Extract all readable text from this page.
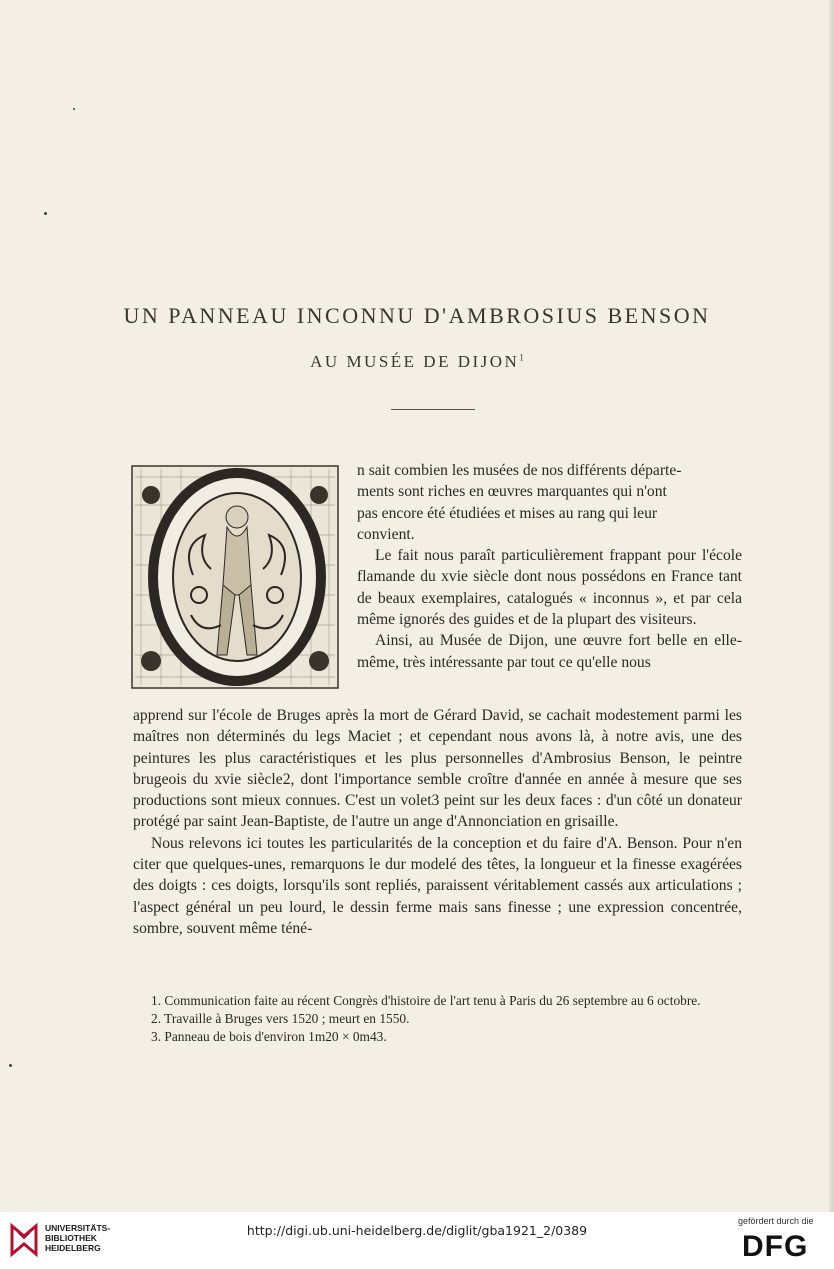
UN PANNEAU INCONNU D'AMBROSIUS BENSON
AU MUSÉE DE DIJON$^1$

n sait combien les musées de nos différents départe-
ments sont riches en œuvres marquantes qui n'ont
pas encore été étudiées et mises au rang qui leur
convient.

Le fait nous paraît particulièrement frappant pour l'école flamande du xvie siècle dont nous possédons en France tant de beaux exemplaires, catalogués « inconnus », et par cela même ignorés des guides et de la plupart des visiteurs.

Ainsi, au Musée de Dijon, une œuvre fort belle en elle-même, très intéressante par tout ce qu'elle nous

apprend sur l'école de Bruges après la mort de Gérard David, se cachait modestement parmi les maîtres non déterminés du legs Maciet ; et cependant nous avons là, à notre avis, une des peintures les plus caractéristiques et les plus personnelles d'Ambrosius Benson, le peintre brugeois du xvie siècle2, dont l'importance semble croître d'année en année à mesure que ses productions sont mieux connues. C'est un volet3 peint sur les deux faces : d'un côté un donateur protégé par saint Jean-Baptiste, de l'autre un ange d'Annonciation en grisaille.

Nous relevons ici toutes les particularités de la conception et du faire d'A. Benson. Pour n'en citer que quelques-unes, remarquons le dur modelé des têtes, la longueur et la finesse exagérées des doigts : ces doigts, lorsqu'ils sont repliés, paraissent véritablement cassés aux articulations ; l'aspect général un peu lourd, le dessin ferme mais sans finesse ; une expression concentrée, sombre, souvent même téné-

1. Communication faite au récent Congrès d'histoire de l'art tenu à Paris du 26 septembre au 6 octobre.

2. Travaille à Bruges vers 1520 ; meurt en 1550.

3. Panneau de bois d'environ 1m20 × 0m43.

UNIVERSITÄTS-
BIBLIOTHEK
HEIDELBERG
http://digi.ub.uni-heidelberg.de/diglit/gba1921_2/0389
gefördert durch die
DFG
